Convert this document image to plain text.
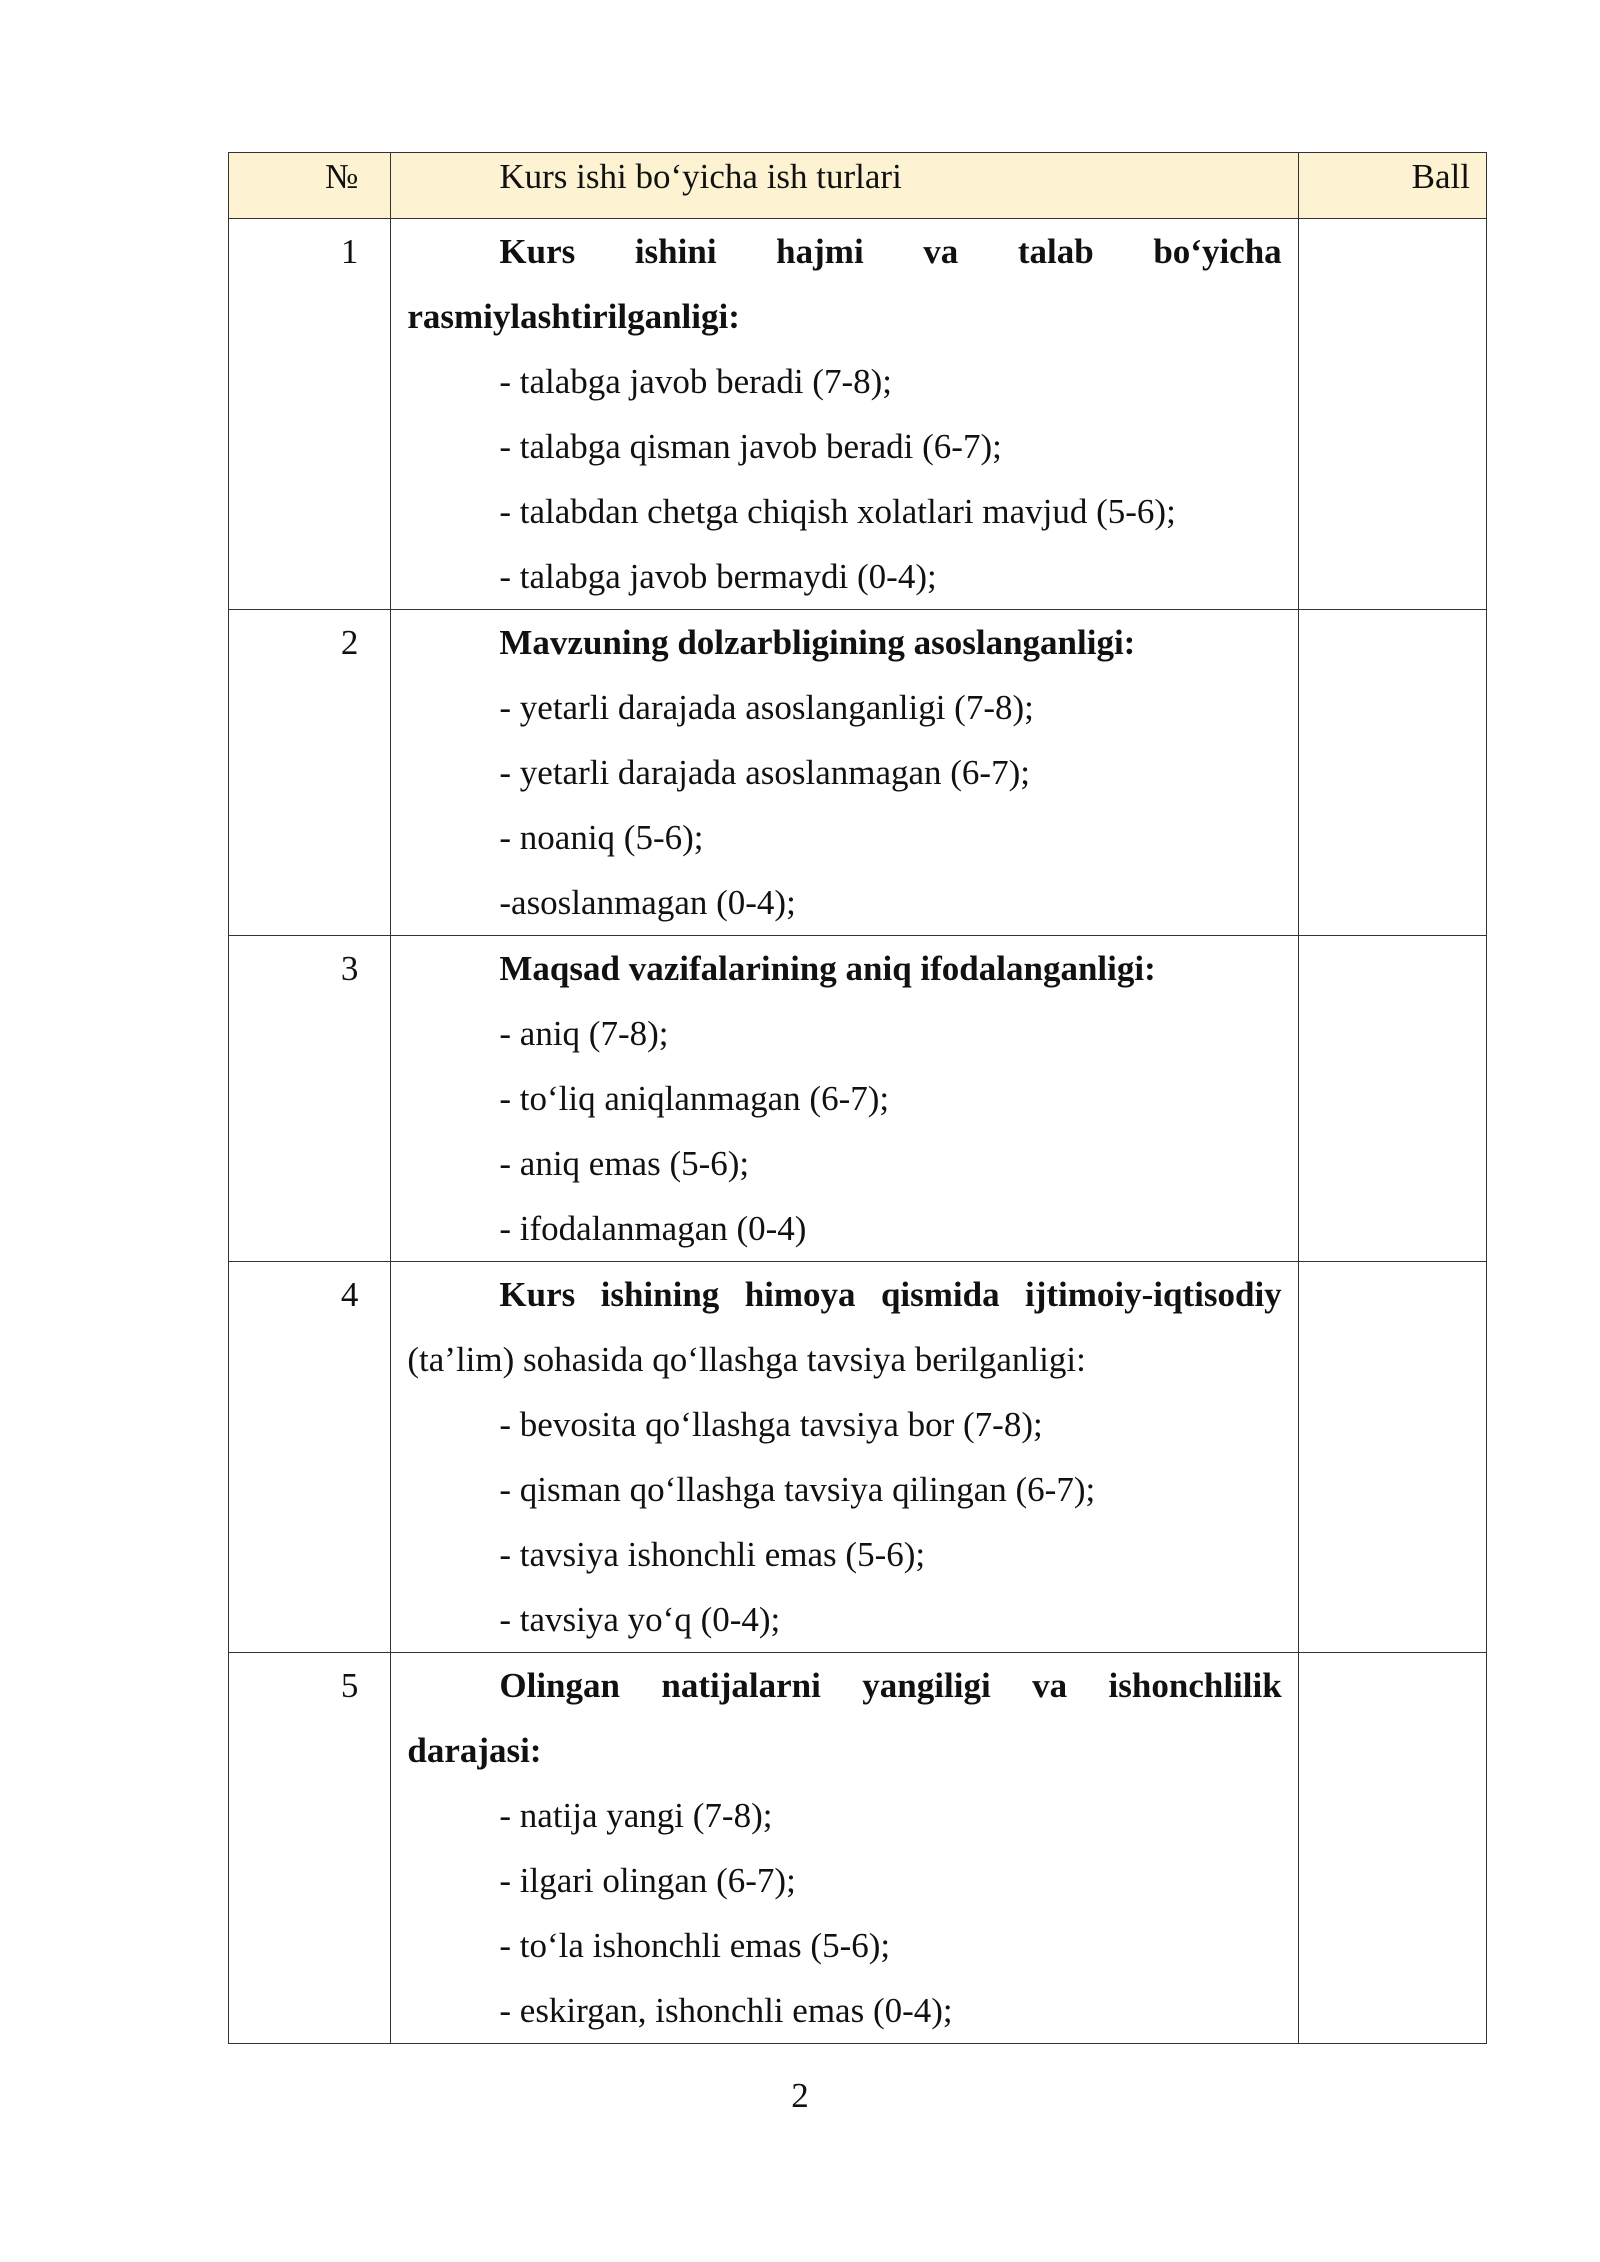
№	Kurs ishi bo‘yicha ish turlari	Ball

1	Kurs ishini hajmi va talab bo‘yicha rasmiylashtirilganligi:

- talabga javob beradi (7-8);

- talabga qisman javob beradi (6-7);

- talabdan chetga chiqish xolatlari mavjud (5-6);

- talabga javob bermaydi (0-4);	

2	Mavzuning dolzarbligining asoslanganligi:

- yetarli darajada asoslanganligi (7-8);

- yetarli darajada asoslanmagan (6-7);

- noaniq (5-6);

-asoslanmagan (0-4);	

3	Maqsad vazifalarining aniq ifodalanganligi:

- aniq (7-8);

- to‘liq aniqlanmagan (6-7);

- aniq emas (5-6);

- ifodalanmagan (0-4)	

4	Kurs ishining himoya qismida ijtimoiy-iqtisodiy (ta’lim) sohasida qo‘llashga tavsiya berilganligi:

- bevosita qo‘llashga tavsiya bor (7-8);

- qisman qo‘llashga tavsiya qilingan (6-7);

- tavsiya ishonchli emas (5-6);

- tavsiya yo‘q (0-4);	

5	Olingan natijalarni yangiligi va ishonchlilik darajasi:

- natija yangi (7-8);

- ilgari olingan (6-7);

- to‘la ishonchli emas (5-6);

- eskirgan, ishonchli emas (0-4);	

2
